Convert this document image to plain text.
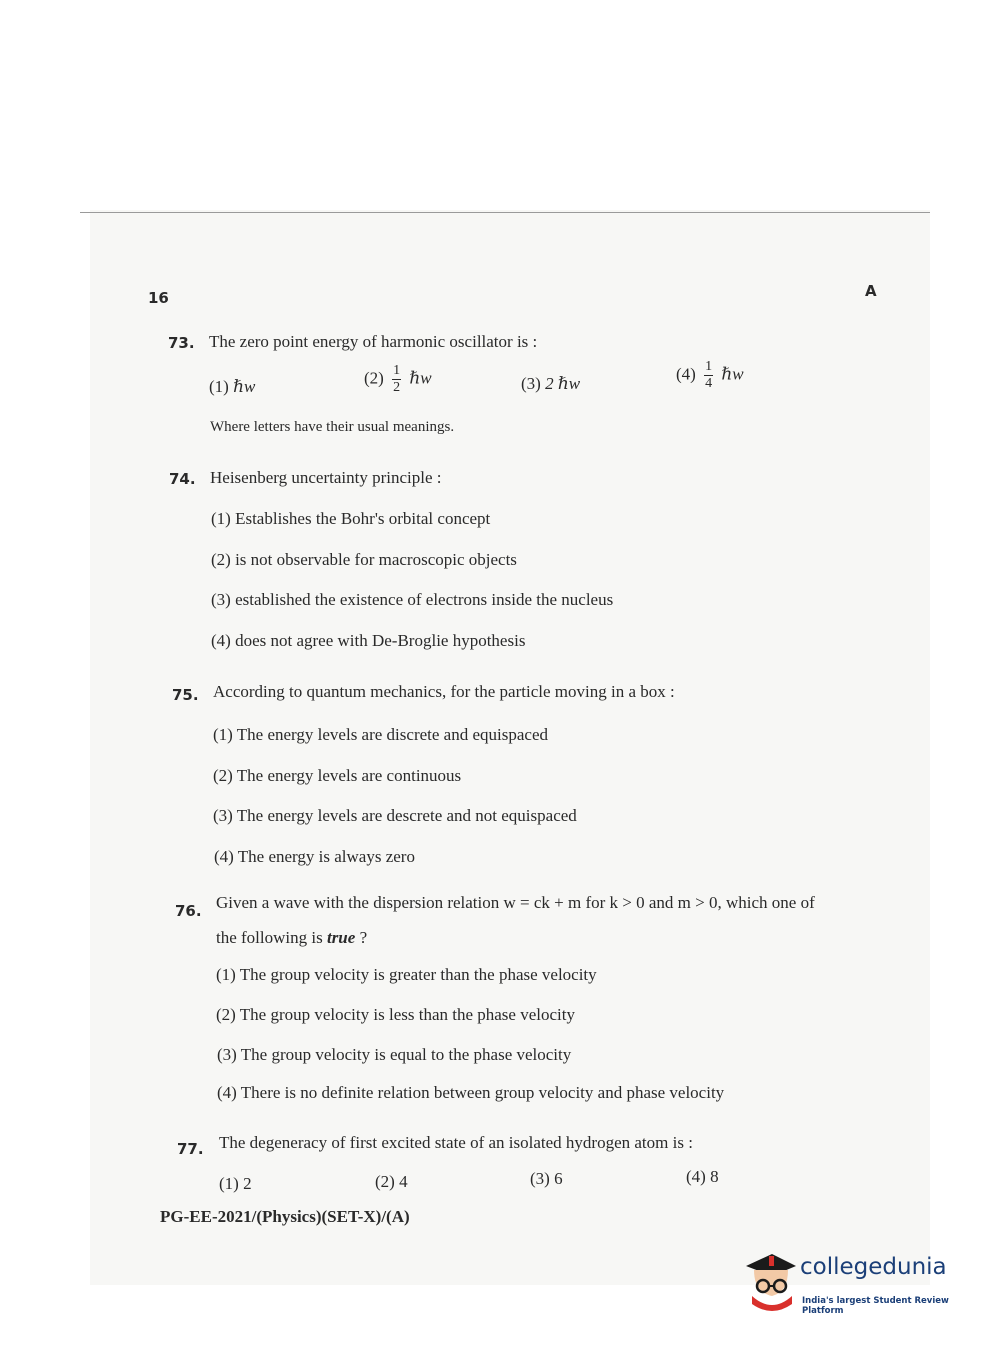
16	A
73. The zero point energy of harmonic oscillator is :
(1) ℏw	$(2) \frac{1}{2}$ ℏw	(3) 2 ℏw
$(4) \frac{1}{4}$ ℏw
Where letters have their usual meanings.
74. Heisenberg uncertainty principle :
(1) Establishes the Bohr's orbital concept
(2) is not observable for macroscopic objects
(3) established the existence of electrons inside the nucleus
(4) does not agree with De-Broglie hypothesis
75. According to quantum mechanics, for the particle moving in a box :
(1) The energy levels are discrete and equispaced
(2) The energy levels are continuous
(3) The energy levels are descrete and not equispaced
(4) The energy is always zero
76. Given a wave with the dispersion relation w = ck + m for k > 0 and m > 0, which one of
the following is true ?
(1) The group velocity is greater than the phase velocity
(2) The group velocity is less than the phase velocity
(3) The group velocity is equal to the phase velocity
(4) There is no definite relation between group velocity and phase velocity
77. The degeneracy of first excited state of an isolated hydrogen atom is :
(1) 2	(2) 4	(3) 6	(4) 8
PG-EE-2021/(Physics)(SET-X)/(A)
collegedunia
India's largest Student Review Platform
